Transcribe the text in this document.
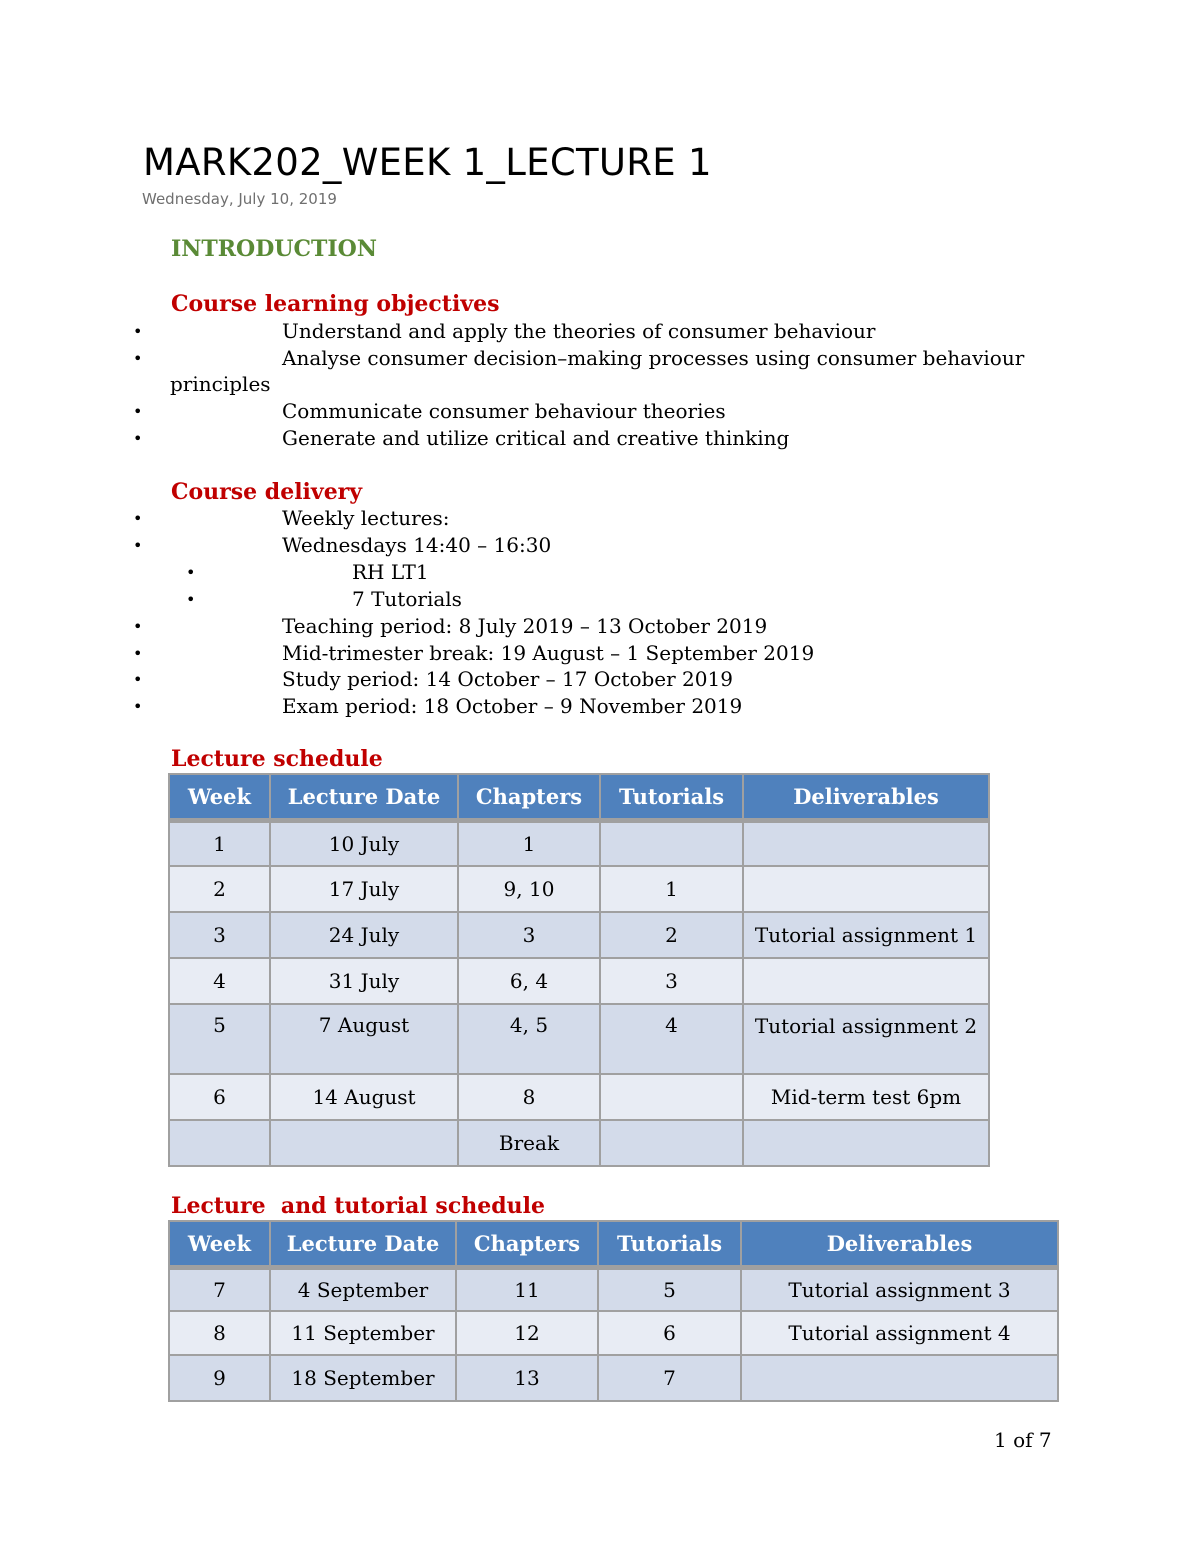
MARK202_WEEK 1_LECTURE 1
Wednesday, July 10, 2019
INTRODUCTION
Course learning objectives
•	Understand and apply the theories of consumer behaviour
•	Analyse consumer decision–making processes using consumer behaviour
principles
•	Communicate consumer behaviour theories
•	Generate and utilize critical and creative thinking
Course delivery
•	Weekly lectures:
•	Wednesdays 14:40 – 16:30
•	RH LT1
•	7 Tutorials
•	Teaching period: 8 July 2019 – 13 October 2019
•	Mid-trimester break: 19 August – 1 September 2019
•	Study period: 14 October – 17 October 2019
•	Exam period: 18 October – 9 November 2019
Lecture schedule
Week	Lecture Date	Chapters	Tutorials	Deliverables
1	10 July	1		
2	17 July	9, 10	1	
3	24 July	3	2	Tutorial assignment 1
4	31 July	6, 4	3	
5	7 August	4, 5	4	Tutorial assignment 2
6	14 August	8		Mid-term test 6pm
		Break		
Lecture  and tutorial schedule
Week	Lecture Date	Chapters	Tutorials	Deliverables
7	4 September	11	5	Tutorial assignment 3
8	11 September	12	6	Tutorial assignment 4
9	18 September	13	7	
1 of 7
